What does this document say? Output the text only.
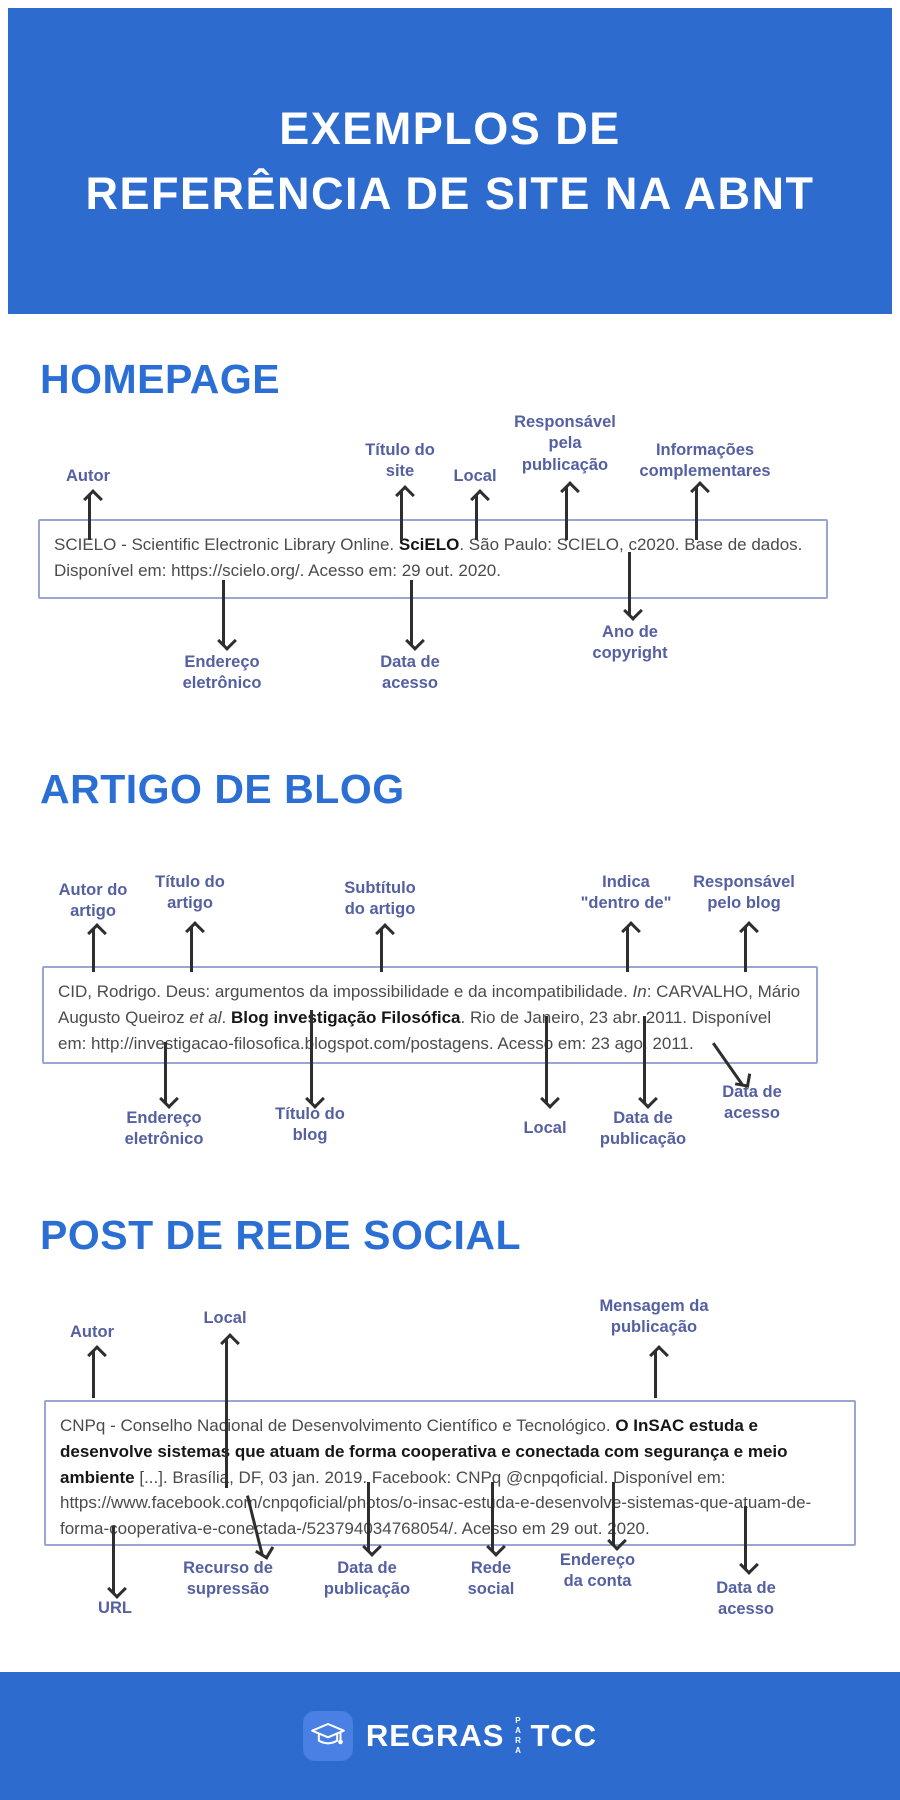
EXEMPLOS DE
REFERÊNCIA DE SITE NA ABNT
HOMEPAGE
Autor
Título do site	Local
Responsável pela publicação
Informações complementares
SCIELO - Scientific Electronic Library Online. SciELO. São Paulo: SCIELO, c2020. Base de dados. Disponível em: https://scielo.org/. Acesso em: 29 out. 2020.
Endereço eletrônico
Data de acesso
Ano de copyright
ARTIGO DE BLOG
Autor do artigo
Título do artigo
Subtítulo do artigo
Indica "dentro de"
Responsável pelo blog
CID, Rodrigo. Deus: argumentos da impossibilidade e da incompatibilidade. In: CARVALHO, Mário Augusto Queiroz et al. Blog investigação Filosófica. Rio de Janeiro, 23 abr. 2011. Disponível em: http://investigacao-filosofica.blogspot.com/postagens. Acesso em: 23 ago. 2011.
Endereço eletrônico
Título do blog	Local
Data de publicação
Data de acesso
POST DE REDE SOCIAL
Autor
Local
Mensagem da publicação
CNPq - Conselho Nacional de Desenvolvimento Científico e Tecnológico. O InSAC estuda e desenvolve sistemas que atuam de forma cooperativa e conectada com segurança e meio ambiente [...]. Brasília, DF, 03 jan. 2019. Facebook: CNPq @cnpqoficial. Disponível em: https://www.facebook.com/cnpqoficial/photos/o-insac-estuda-e-desenvolve-sistemas-que-atuam-de-forma-cooperativa-e-conectada-/523794034768054/. Acesso em 29 out. 2020.
URL
Recurso de supressão
Data de publicação
Rede social
Endereço da conta	Data de acesso
REGRAS PARA TCC
